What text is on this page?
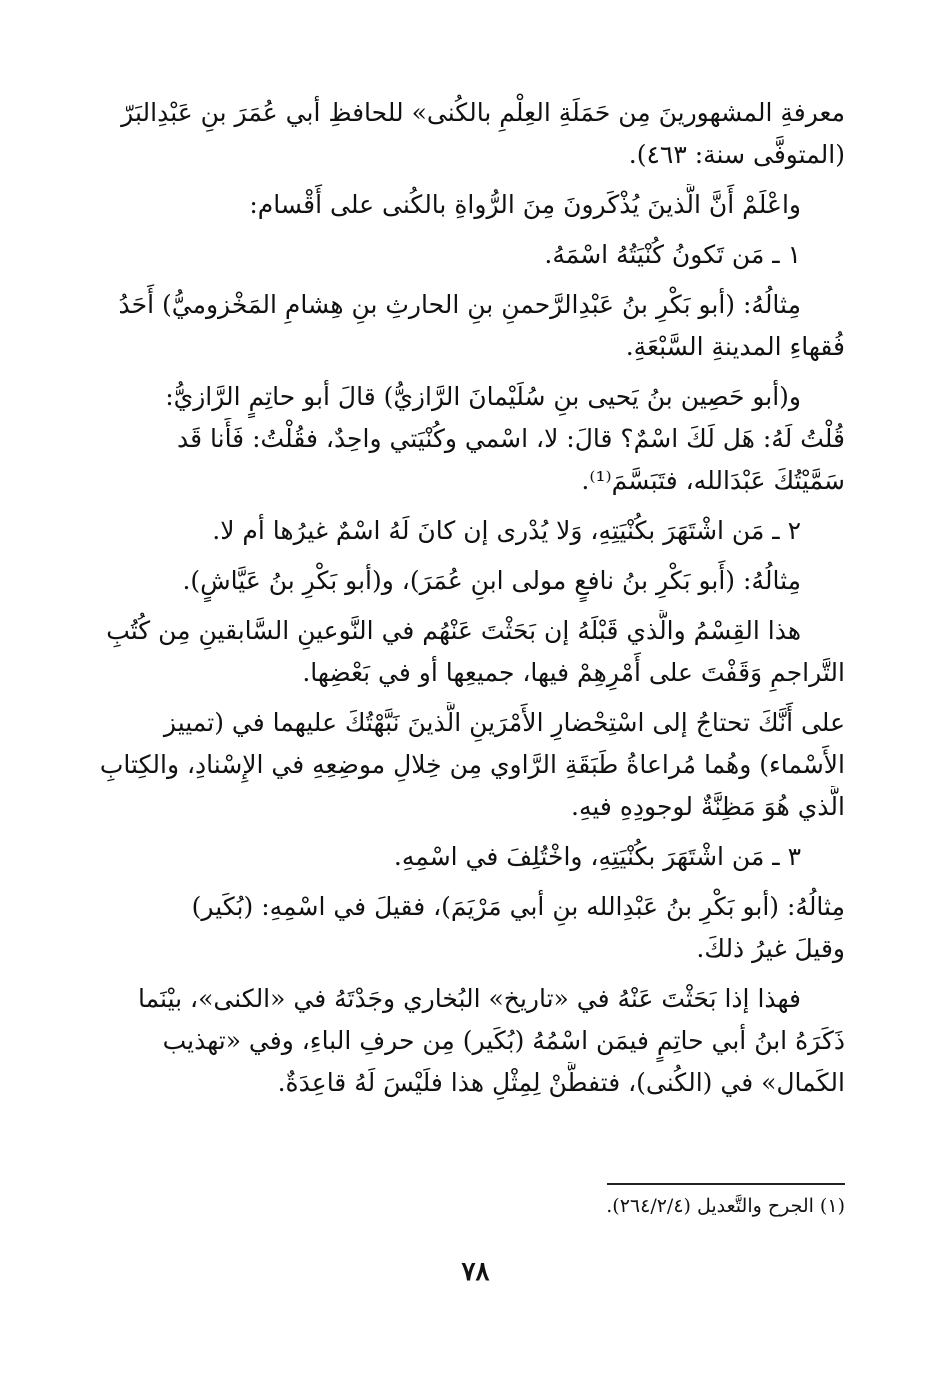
معرفةِ المشهورينَ مِن حَمَلَةِ العِلْمِ بالكُنى» للحافظِ أبي عُمَرَ بنِ عَبْدِالبَرّ
(المتوفَّى سنة: ٤٦٣).
واعْلَمْ أَنَّ الَّذينَ يُذْكَرونَ مِنَ الرُّواةِ بالكُنى على أَقْسام:
١ ـ مَن تَكونُ كُنْيَتُهُ اسْمَهُ.
مِثالُهُ: (أبو بَكْرِ بنُ عَبْدِالرَّحمنِ بنِ الحارثِ بنِ هِشامِ المَخْزوميُّ) أَحَدُ
فُقهاءِ المدينةِ السَّبْعَةِ.
و(أبو حَصِين بنُ يَحيى بنِ سُلَيْمانَ الرَّازيُّ) قالَ أبو حاتِمٍ الرَّازيُّ:
قُلْتُ لَهُ: هَل لَكَ اسْمٌ؟ قالَ: لا، اسْمي وكُنْيَتي واحِدٌ، فقُلْتُ: فَأَنا قَد
سَمَّيْتُكَ عَبْدَالله، فتَبَسَّمَ⁽¹⁾.
٢ ـ مَن اشْتَهَرَ بكُنْيَتِهِ، وَلا يُدْرى إن كانَ لَهُ اسْمٌ غيرُها أم لا.
مِثالُهُ: (أَبو بَكْرِ بنُ نافعٍ مولى ابنِ عُمَرَ)، و(أبو بَكْرِ بنُ عَيَّاشٍ).
هذا القِسْمُ والَّذي قَبْلَهُ إن بَحَثْتَ عَنْهُم في النَّوعينِ السَّابقينِ مِن كُتُبِ
التَّراجمِ وَقَفْتَ على أَمْرِهِمْ فيها، جميعِها أو في بَعْضِها.
على أَنَّكَ تحتاجُ إلى اسْتِحْضارِ الأَمْرَينِ الَّذينَ نَبَّهْتُكَ عليهما في (تمييز
الأَسْماء) وهُما مُراعاةُ طَبَقَةِ الرَّاوي مِن خِلالِ موضِعِهِ في الإِسْنادِ، والكِتابِ
الَّذي هُوَ مَظِنَّةٌ لوجودِهِ فيهِ.
٣ ـ مَن اشْتَهَرَ بكُنْيَتِهِ، واخْتُلِفَ في اسْمِهِ.
مِثالُهُ: (أبو بَكْرِ بنُ عَبْدِالله بنِ أبي مَرْيَمَ)، فقيلَ في اسْمِهِ: (بُكَير)
وقيلَ غيرُ ذلكَ.
فهذا إذا بَحَثْتَ عَنْهُ في «تاريخ» البُخاري وجَدْتَهُ في «الكنى»، بيْنَما
ذَكَرَهُ ابنُ أبي حاتِمٍ فيمَن اسْمُهُ (بُكَير) مِن حرفِ الباءِ، وفي «تهذيب
الكَمال» في (الكُنى)، فتفطَّنْ لِمِثْلِ هذا فلَيْسَ لَهُ قاعِدَةٌ.
(١) الجرح والتَّعديل (٢٦٤/٢/٤).
٧٨
